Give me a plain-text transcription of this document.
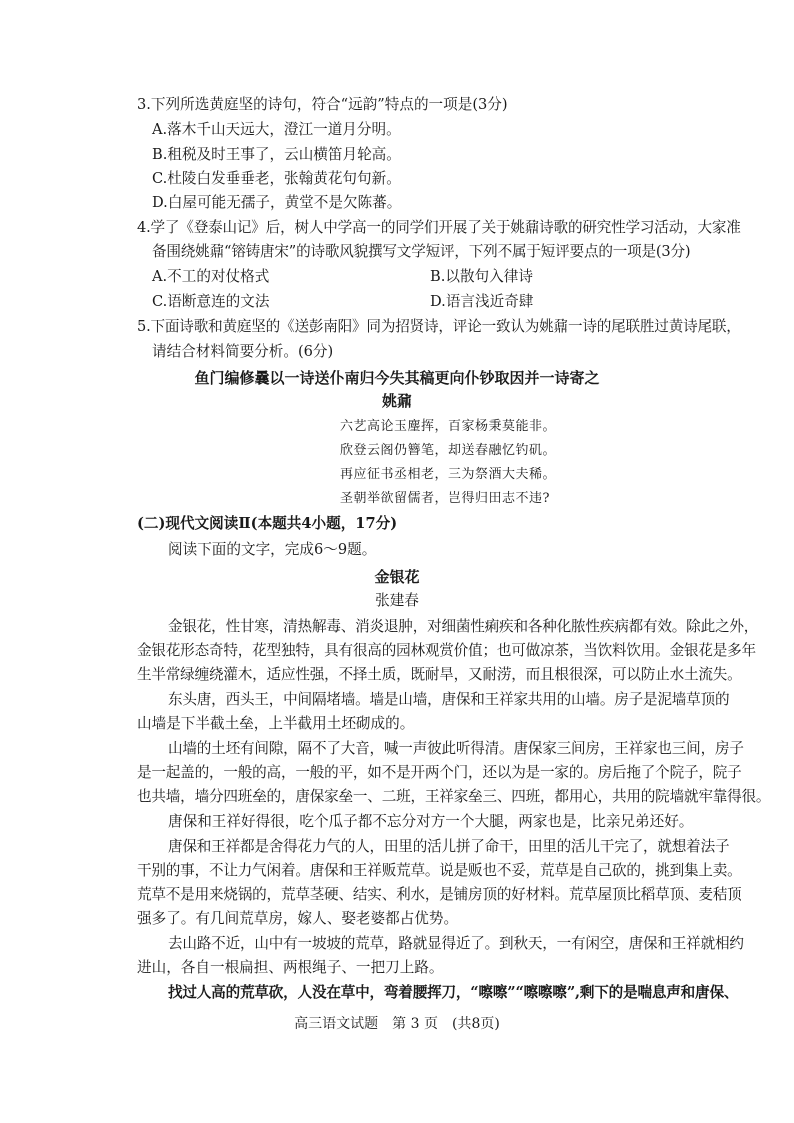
3.下列所选黄庭坚的诗句，符合“远韵”特点的一项是(3分)
A.落木千山天远大，澄江一道月分明。
B.租税及时王事了，云山横笛月轮高。
C.杜陵白发垂垂老，张翰黄花句句新。
D.白屋可能无孺子，黄堂不是欠陈蕃。
4.学了《登泰山记》后，树人中学高一的同学们开展了关于姚鼐诗歌的研究性学习活动，大家准
备围绕姚鼐“镕铸唐宋”的诗歌风貌撰写文学短评，下列不属于短评要点的一项是(3分)
A.不工的对仗格式	B.以散句入律诗
C.语断意连的文法	D.语言浅近奇肆
5.下面诗歌和黄庭坚的《送彭南阳》同为招贤诗，评论一致认为姚鼐一诗的尾联胜过黄诗尾联，
请结合材料简要分析。(6分)
鱼门编修曩以一诗送仆南归今失其稿更向仆钞取因并一诗寄之
姚鼐
六艺高论玉麈挥，百家杨秉莫能非。
欣登云阁仍簪笔，却送春融忆钓矶。
再应征书丞相老，三为祭酒大夫稀。
圣朝举欲留儒者，岂得归田志不违?
(二)现代文阅读Ⅱ(本题共4小题，17分)
阅读下面的文字，完成6～9题。
金银花
张建春
金银花，性甘寒，清热解毒、消炎退肿，对细菌性痢疾和各种化脓性疾病都有效。除此之外，
金银花形态奇特，花型独特，具有很高的园林观赏价值；也可做凉茶，当饮料饮用。金银花是多年
生半常绿缠绕灌木，适应性强，不择土质，既耐旱，又耐涝，而且根很深，可以防止水土流失。
东头唐，西头王，中间隔堵墙。墙是山墙，唐保和王祥家共用的山墙。房子是泥墙草顶的
山墙是下半截土垒，上半截用土坯砌成的。
山墙的土坯有间隙，隔不了大音，喊一声彼此听得清。唐保家三间房，王祥家也三间，房子
是一起盖的，一般的高，一般的平，如不是开两个门，还以为是一家的。房后拖了个院子，院子
也共墙，墙分四班垒的，唐保家垒一、二班，王祥家垒三、四班，都用心，共用的院墙就牢靠得很。
唐保和王祥好得很，吃个瓜子都不忘分对方一个大腿，两家也是，比亲兄弟还好。
唐保和王祥都是舍得花力气的人，田里的活儿拼了命干，田里的活儿干完了，就想着法子
干别的事，不让力气闲着。唐保和王祥贩荒草。说是贩也不妥，荒草是自己砍的，挑到集上卖。
荒草不是用来烧锅的，荒草茎硬、结实、利水，是铺房顶的好材料。荒草屋顶比稻草顶、麦秸顶
强多了。有几间荒草房，嫁人、娶老婆都占优势。
去山路不近，山中有一坡坡的荒草，路就显得近了。到秋天，一有闲空，唐保和王祥就相约
进山，各自一根扁担、两根绳子、一把刀上路。
找过人高的荒草砍，人没在草中，弯着腰挥刀，“嚓嚓”“嚓嚓嚓”,剩下的是喘息声和唐保、
高三语文试题　第 3 页　(共8页)
